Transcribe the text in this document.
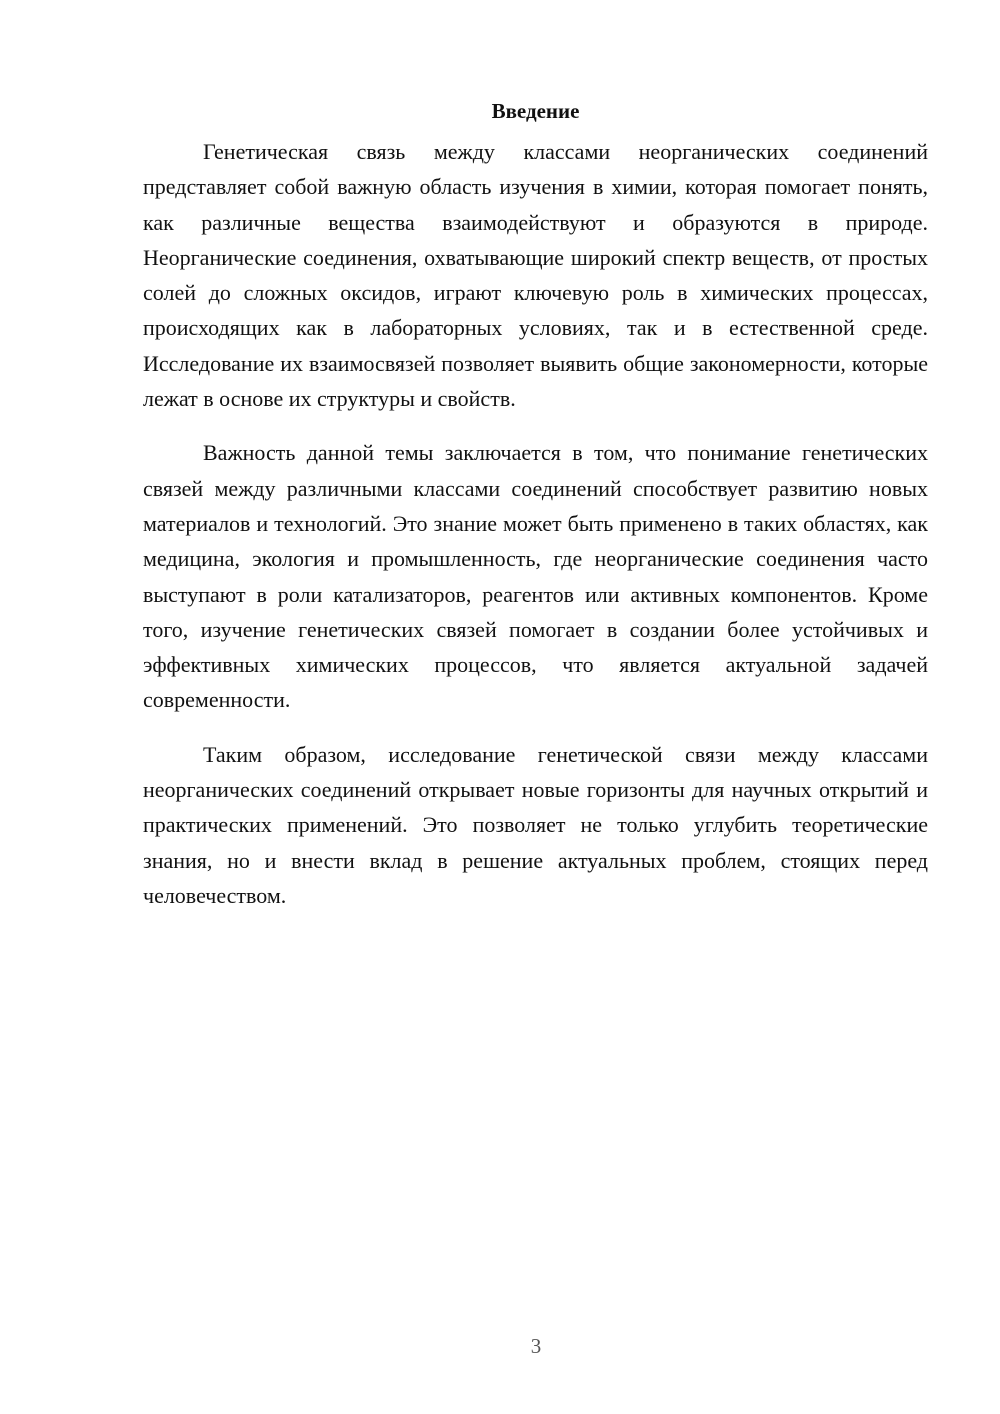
Введение

Генетическая связь между классами неорганических соединений представляет собой важную область изучения в химии, которая помогает понять, как различные вещества взаимодействуют и образуются в природе. Неорганические соединения, охватывающие широкий спектр веществ, от простых солей до сложных оксидов, играют ключевую роль в химических процессах, происходящих как в лабораторных условиях, так и в естественной среде. Исследование их взаимосвязей позволяет выявить общие закономерности, которые лежат в основе их структуры и свойств.

Важность данной темы заключается в том, что понимание генетических связей между различными классами соединений способствует развитию новых материалов и технологий. Это знание может быть применено в таких областях, как медицина, экология и промышленность, где неорганические соединения часто выступают в роли катализаторов, реагентов или активных компонентов. Кроме того, изучение генетических связей помогает в создании более устойчивых и эффективных химических процессов, что является актуальной задачей современности.

Таким образом, исследование генетической связи между классами неорганических соединений открывает новые горизонты для научных открытий и практических применений. Это позволяет не только углубить теоретические знания, но и внести вклад в решение актуальных проблем, стоящих перед человечеством.

3
